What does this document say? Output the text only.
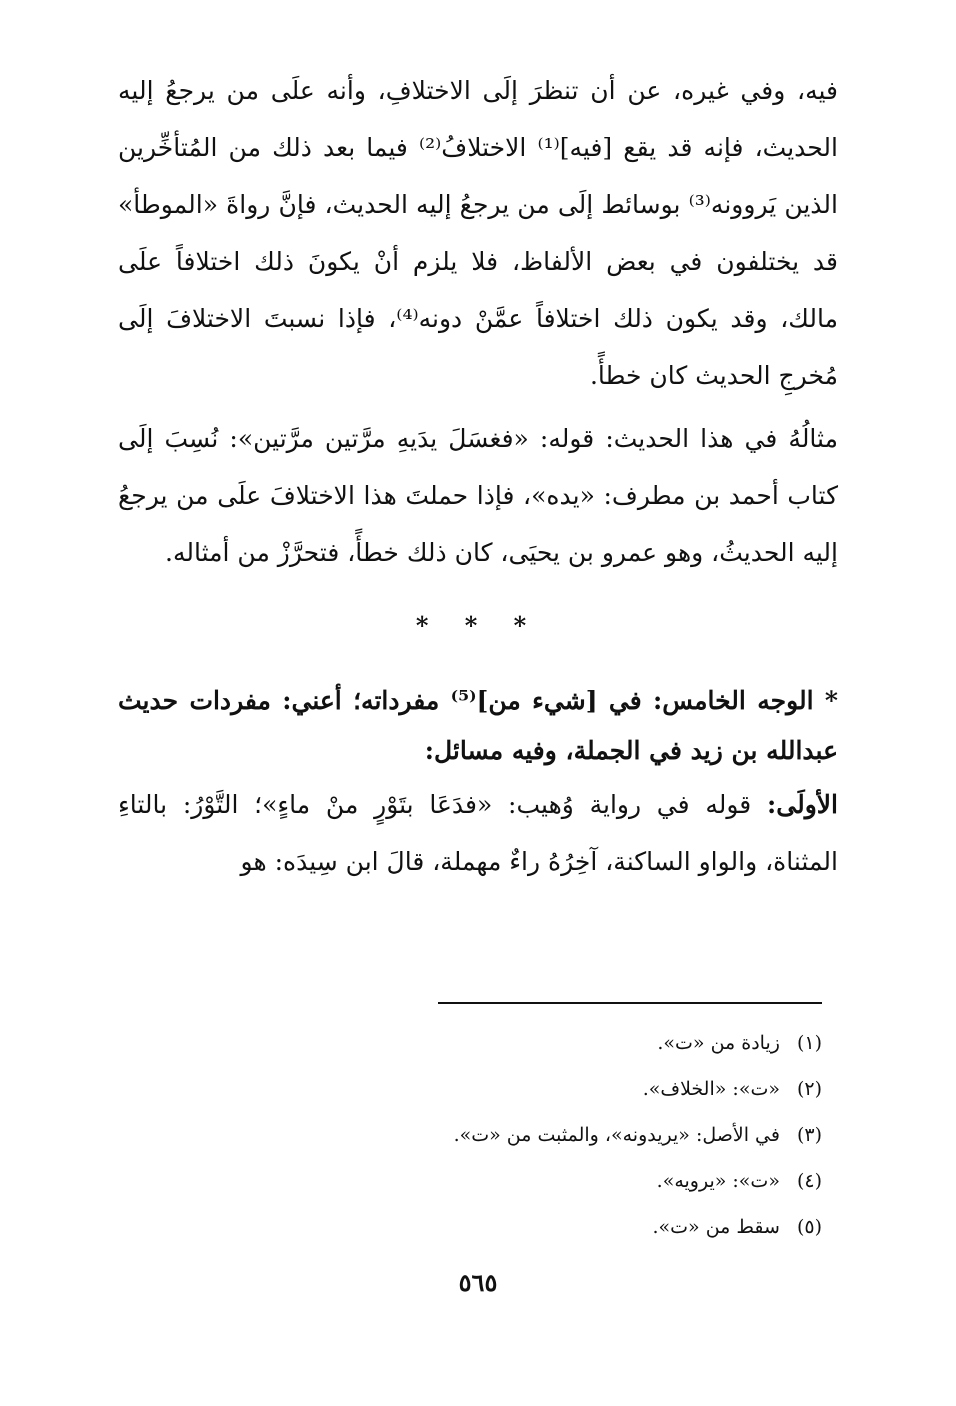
فيه، وفي غيره، عن أن تنظرَ إلَى الاختلافِ، وأنه علَى من يرجعُ إليه الحديث، فإنه قد يقع [فيه]⁽¹⁾ الاختلافُ⁽²⁾ فيما بعد ذلك من المُتأخِّرين الذين يَروونه⁽³⁾ بوسائط إلَى من يرجعُ إليه الحديث، فإنَّ رواةَ «الموطأ» قد يختلفون في بعض الألفاظ، فلا يلزم أنْ يكونَ ذلك اختلافاً علَى مالك، وقد يكون ذلك اختلافاً عمَّنْ دونه⁽⁴⁾، فإذا نسبتَ الاختلافَ إلَى مُخرجِ الحديث كان خطأً.

مثالُهُ في هذا الحديث: قوله: «فغسَلَ يدَيهِ مرَّتين مرَّتين»: نُسِبَ إلَى كتاب أحمد بن مطرف: «يده»، فإذا حملتَ هذا الاختلافَ علَى من يرجعُ إليه الحديثُ، وهو عمرو بن يحيَى، كان ذلك خطأً، فتحرَّزْ من أمثاله.

* * *

* الوجه الخامس: في [شيء من]⁽⁵⁾ مفرداته؛ أعني: مفردات حديث عبدالله بن زيد في الجملة، وفيه مسائل:

الأولَى: قوله في رواية وُهيب: «فدَعَا بتَوْرٍ منْ ماءٍ»؛ التَّوْرُ: بالتاءِ المثناة، والواو الساكنة، آخِرُهُ راءٌ مهملة، قالَ ابن سِيدَه: هو

(١) زيادة من «ت».
(٢) «ت»: «الخلاف».
(٣) في الأصل: «يريدونه»، والمثبت من «ت».
(٤) «ت»: «يرويه».
(٥) سقط من «ت».
٥٦٥
